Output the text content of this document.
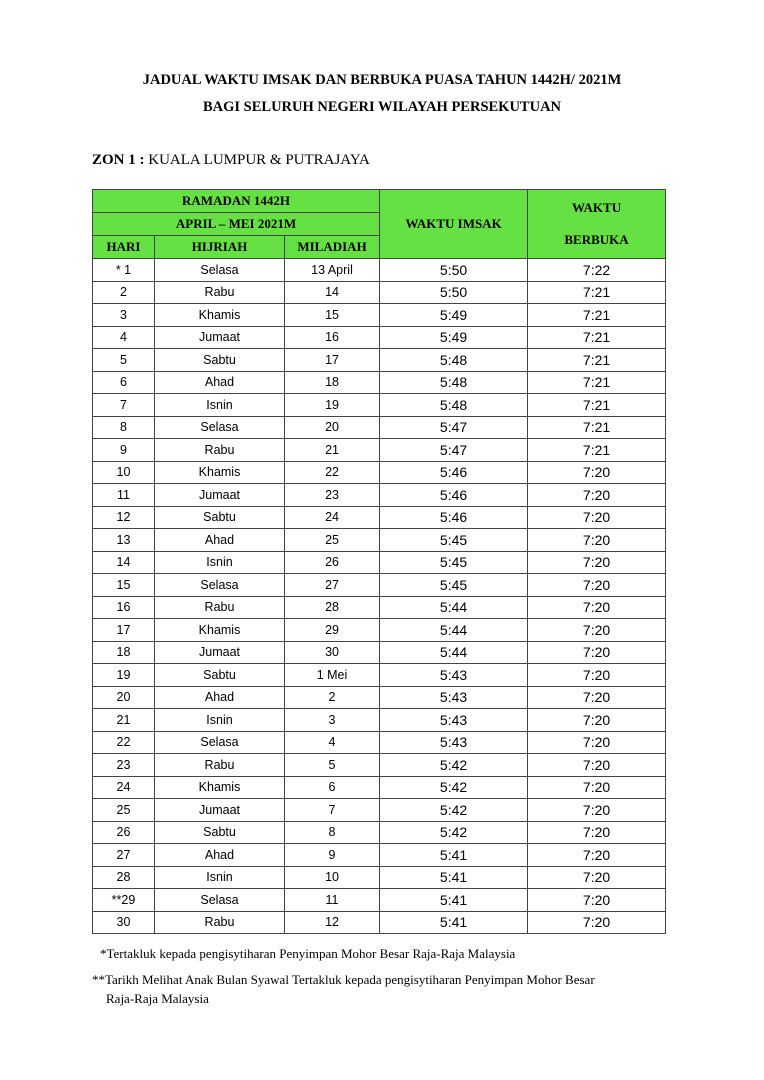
JADUAL WAKTU IMSAK DAN BERBUKA PUASA TAHUN 1442H/ 2021M
BAGI SELURUH NEGERI WILAYAH PERSEKUTUAN
ZON 1 : KUALA LUMPUR & PUTRAJAYA
RAMADAN 1442H			WAKTU IMSAK	WAKTU

BERBUKA
APRIL – MEI 2021M				
HARI	HIJRIAH	MILADIAH		
* 1	Selasa	13 April	5:50	7:22
2	Rabu	14	5:50	7:21
3	Khamis	15	5:49	7:21
4	Jumaat	16	5:49	7:21
5	Sabtu	17	5:48	7:21
6	Ahad	18	5:48	7:21
7	Isnin	19	5:48	7:21
8	Selasa	20	5:47	7:21
9	Rabu	21	5:47	7:21
10	Khamis	22	5:46	7:20
11	Jumaat	23	5:46	7:20
12	Sabtu	24	5:46	7:20
13	Ahad	25	5:45	7:20
14	Isnin	26	5:45	7:20
15	Selasa	27	5:45	7:20
16	Rabu	28	5:44	7:20
17	Khamis	29	5:44	7:20
18	Jumaat	30	5:44	7:20
19	Sabtu	1 Mei	5:43	7:20
20	Ahad	2	5:43	7:20
21	Isnin	3	5:43	7:20
22	Selasa	4	5:43	7:20
23	Rabu	5	5:42	7:20
24	Khamis	6	5:42	7:20
25	Jumaat	7	5:42	7:20
26	Sabtu	8	5:42	7:20
27	Ahad	9	5:41	7:20
28	Isnin	10	5:41	7:20
**29	Selasa	11	5:41	7:20
30	Rabu	12	5:41	7:20
*Tertakluk kepada pengisytiharan Penyimpan Mohor Besar Raja-Raja Malaysia
**Tarikh Melihat Anak Bulan Syawal Tertakluk kepada pengisytiharan Penyimpan Mohor Besar
Raja-Raja Malaysia
